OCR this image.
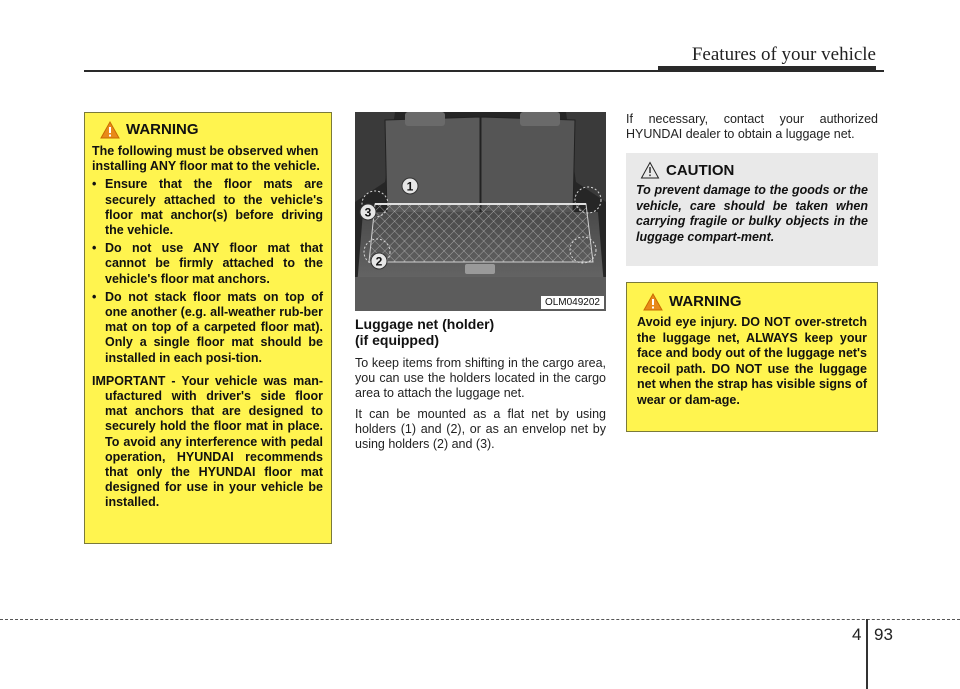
Features of your vehicle
WARNING

The following must be observed when installing ANY floor mat to the vehicle.

• Ensure that the floor mats are securely attached to the vehicle's floor mat anchor(s) before driving the vehicle.
• Do not use ANY floor mat that cannot be firmly attached to the vehicle's floor mat anchors.
• Do not stack floor mats on top of one another (e.g. all-weather rub-ber mat on top of a carpeted floor mat). Only a single floor mat should be installed in each posi-tion.
IMPORTANT - Your vehicle was man-ufactured with driver's side floor mat anchors that are designed to securely hold the floor mat in place. To avoid any interference with pedal operation, HYUNDAI recommends that only the HYUNDAI floor mat designed for use in your vehicle be installed.
1
2
3
OLM049202
Luggage net (holder)
(if equipped)

To keep items from shifting in the cargo area, you can use the holders located in the cargo area to attach the luggage net.

It can be mounted as a flat net by using holders (1) and (2), or as an envelop net by using holders (2) and (3).

If necessary, contact your authorized HYUNDAI dealer to obtain a luggage net.

CAUTION
To prevent damage to the goods or the vehicle, care should be taken when carrying fragile or bulky objects in the luggage compart-ment.
WARNING
Avoid eye injury. DO NOT over-stretch the luggage net, ALWAYS keep your face and body out of the luggage net's recoil path. DO NOT use the luggage net when the strap has visible signs of wear or dam-age.
4 93
